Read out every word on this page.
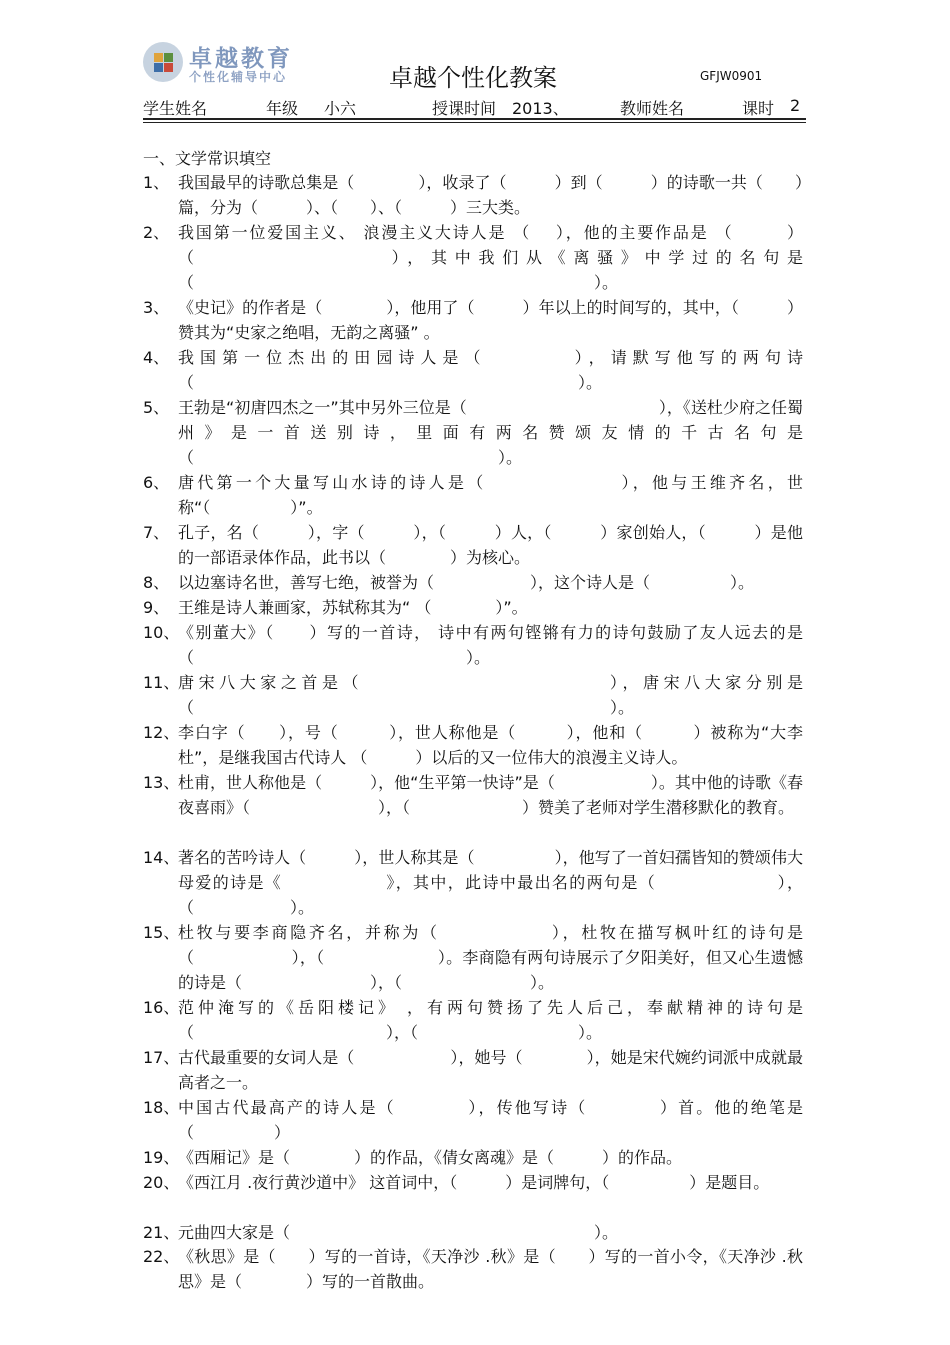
卓越教育
个性化辅导中心	卓越个性化教案	GFJW0901
学生姓名	年级 小六	授课时间 2013、	教师姓名	课时 2
一、文学常识填空
1、 我国最早的诗歌总集是（　　　　），收录了（　　　）到（　　　）的诗歌一共（　　）篇，分为（　　　）、（　　）、（　　　）三大类。
2、 我国第一位爱国主义、 浪漫主义大诗人是 （　 ），他的主要作品是 （　　　）（　　　　　　　　），其中我们从《离骚》中学过的名句是（　　　　　　　　　　　　　　　　　　　　　　　　　）。
3、 《史记》的作者是（　　　　），他用了（　　　）年以上的时间写的，其中，（　　　）赞其为“史家之绝唱，无韵之离骚” 。
4、 我国第一位杰出的田园诗人是（　　　　），请默写他写的两句诗（　　　　　　　　　　　　　　　　　　　　　　　　）。
5、 王勃是“初唐四杰之一”其中另外三位是（　　　　　　　　　　　　），《送杜少府之任蜀州》是一首送别诗，里面有两名赞颂友情的千古名句是（　　　　　　　　　　　　　　　　　　　）。
6、 唐代第一个大量写山水诗的诗人是（　　　　　　　），他与王维齐名，世称“（　　　　　）”。
7、 孔子，名（　　　），字（　　　），（　　　）人，（　　　）家创始人，（　　　）是他的一部语录体作品，此书以（　　　　）为核心。
8、 以边塞诗名世，善写七绝，被誉为（　　　　　　），这个诗人是（　　　　　）。
9、 王维是诗人兼画家，苏轼称其为“ （　　　　）”。
10、
《别董大》（　　）写的一首诗， 诗中有两句铿锵有力的诗句鼓励了友人远去的是（　　　　　　　　　　　　　　　　　）。
11、
唐宋八大家之首是（　　　　　　　　　　　　），唐宋八大家分别是（　　　　　　　　　　　　　　　　　　　　　　　　　　）。
12、
李白字（　　），号（　　　），世人称他是（　　　），他和（　　　）被称为“大李杜”，是继我国古代诗人 （　　　）以后的又一位伟大的浪漫主义诗人。
13、
杜甫，世人称他是（　　　），他“生平第一快诗”是（　　　　　　）。其中他的诗歌《春夜喜雨》（　　　　　　　　），（　　　　　　　）赞美了老师对学生潜移默化的教育。
14、
著名的苦吟诗人（　　　），世人称其是（　　　　　），他写了一首妇孺皆知的赞颂伟大母爱的诗是《　　　　　　》，其中，此诗中最出名的两句是（　　　　　　　），（　　　　　　）。
15、
杜牧与要李商隐齐名，并称为（　　　　　　），杜牧在描写枫叶红的诗句是（　　　　　　），（　　　　　　　）。李商隐有两句诗展示了夕阳美好，但又心生遗憾的诗是（　　　　　　　　），（　　　　　　　　）。
16、
范仲淹写的《岳阳楼记》 ，有两句赞扬了先人后己，奉献精神的诗句是（　　　　　　　　　　　　），（　　　　　　　　　　）。
17、
古代最重要的女词人是（　　　　　　），她号（　　　　），她是宋代婉约词派中成就最高者之一。
18、
中国古代最高产的诗人是（　　　　），传他写诗（　　　　）首。他的绝笔是（　　　　　）
19、
《西厢记》是（　　　　）的作品，《倩女离魂》是（　　　）的作品。
20、
《西江月 .夜行黄沙道中》 这首词中，（　　　）是词牌句，（　　　　　）是题目。
21、
元曲四大家是（　　　　　　　　　　　　　　　　　　　）。
22、
《秋思》是（　　）写的一首诗，《天净沙 .秋》是（　　）写的一首小令，《天净沙 .秋思》是（　　　　）写的一首散曲。
